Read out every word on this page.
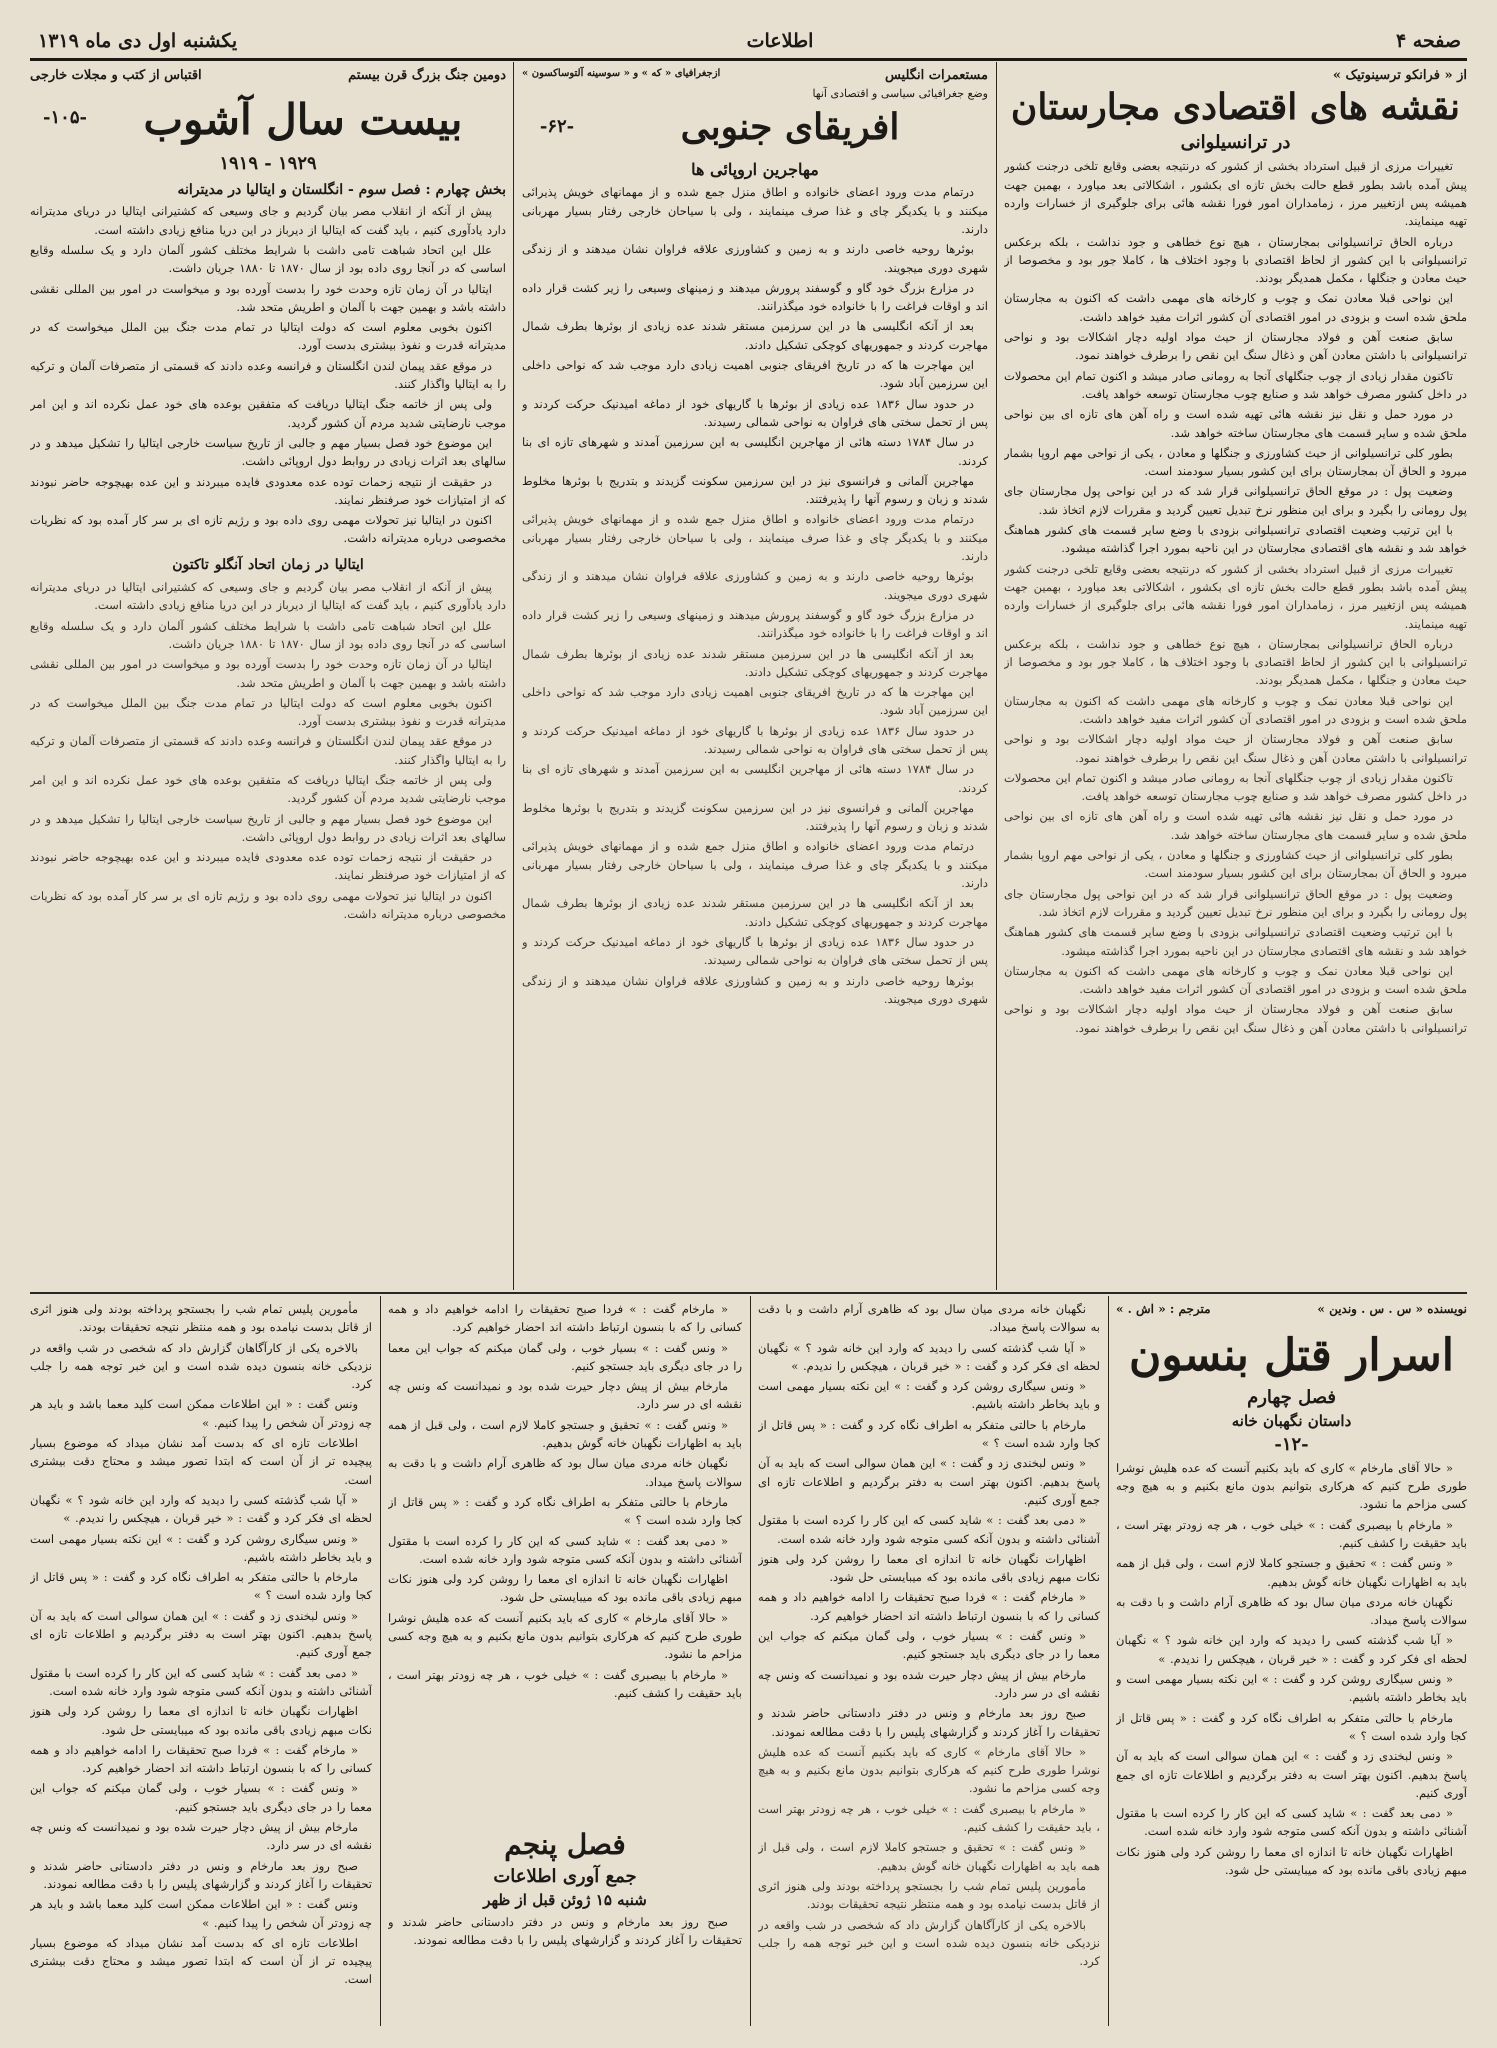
صفحه ۴
اطلاعات
یکشنبه اول دی ماه ۱۳۱۹
از « فرانکو ترسینوتیک »
نقشه های اقتصادی مجارستان
در ترانسیلوانی

تغییرات مرزی از قبیل استرداد بخشی از کشور که درنتیجه بعضی وقایع تلخی درجنت کشور پیش آمده باشد بطور قطع حالت بخش تازه ای بکشور ، اشکالاتی بعد میاورد ، بهمین جهت همیشه پس ازتغییر مرز ، زمامداران امور فورا نقشه هائی برای جلوگیری از خسارات وارده تهیه مینمایند.

درباره الحاق ترانسیلوانی بمجارستان ، هیچ نوع خطاهی و جود نداشت ، بلکه برعکس ترانسیلوانی با این کشور از لحاظ اقتصادی با وجود اختلاف ها ، کاملا جور بود و مخصوصا از حیث معادن و جنگلها ، مکمل همدیگر بودند.

این نواحی قبلا معادن نمک و چوب و کارخانه های مهمی داشت که اکنون به مجارستان ملحق شده است و بزودی در امور اقتصادی آن کشور اثرات مفید خواهد داشت.

سابق صنعت آهن و فولاد مجارستان از حیث مواد اولیه دچار اشکالات بود و نواحی ترانسیلوانی با داشتن معادن آهن و ذغال سنگ این نقص را برطرف خواهند نمود.

تاکنون مقدار زیادی از چوب جنگلهای آنجا به رومانی صادر میشد و اکنون تمام این محصولات در داخل کشور مصرف خواهد شد و صنایع چوب مجارستان توسعه خواهد یافت.

در مورد حمل و نقل نیز نقشه هائی تهیه شده است و راه آهن های تازه ای بین نواحی ملحق شده و سایر قسمت های مجارستان ساخته خواهد شد.

بطور کلی ترانسیلوانی از حیث کشاورزی و جنگلها و معادن ، یکی از نواحی مهم اروپا بشمار میرود و الحاق آن بمجارستان برای این کشور بسیار سودمند است.

وضعیت پول : در موقع الحاق ترانسیلوانی قرار شد که در این نواحی پول مجارستان جای پول رومانی را بگیرد و برای این منظور نرخ تبدیل تعیین گردید و مقررات لازم اتخاذ شد.

با این ترتیب وضعیت اقتصادی ترانسیلوانی بزودی با وضع سایر قسمت های کشور هماهنگ خواهد شد و نقشه های اقتصادی مجارستان در این ناحیه بمورد اجرا گذاشته میشود.

تغییرات مرزی از قبیل استرداد بخشی از کشور که درنتیجه بعضی وقایع تلخی درجنت کشور پیش آمده باشد بطور قطع حالت بخش تازه ای بکشور ، اشکالاتی بعد میاورد ، بهمین جهت همیشه پس ازتغییر مرز ، زمامداران امور فورا نقشه هائی برای جلوگیری از خسارات وارده تهیه مینمایند.

درباره الحاق ترانسیلوانی بمجارستان ، هیچ نوع خطاهی و جود نداشت ، بلکه برعکس ترانسیلوانی با این کشور از لحاظ اقتصادی با وجود اختلاف ها ، کاملا جور بود و مخصوصا از حیث معادن و جنگلها ، مکمل همدیگر بودند.

این نواحی قبلا معادن نمک و چوب و کارخانه های مهمی داشت که اکنون به مجارستان ملحق شده است و بزودی در امور اقتصادی آن کشور اثرات مفید خواهد داشت.

سابق صنعت آهن و فولاد مجارستان از حیث مواد اولیه دچار اشکالات بود و نواحی ترانسیلوانی با داشتن معادن آهن و ذغال سنگ این نقص را برطرف خواهند نمود.

تاکنون مقدار زیادی از چوب جنگلهای آنجا به رومانی صادر میشد و اکنون تمام این محصولات در داخل کشور مصرف خواهد شد و صنایع چوب مجارستان توسعه خواهد یافت.

در مورد حمل و نقل نیز نقشه هائی تهیه شده است و راه آهن های تازه ای بین نواحی ملحق شده و سایر قسمت های مجارستان ساخته خواهد شد.

بطور کلی ترانسیلوانی از حیث کشاورزی و جنگلها و معادن ، یکی از نواحی مهم اروپا بشمار میرود و الحاق آن بمجارستان برای این کشور بسیار سودمند است.

وضعیت پول : در موقع الحاق ترانسیلوانی قرار شد که در این نواحی پول مجارستان جای پول رومانی را بگیرد و برای این منظور نرخ تبدیل تعیین گردید و مقررات لازم اتخاذ شد.

با این ترتیب وضعیت اقتصادی ترانسیلوانی بزودی با وضع سایر قسمت های کشور هماهنگ خواهد شد و نقشه های اقتصادی مجارستان در این ناحیه بمورد اجرا گذاشته میشود.

این نواحی قبلا معادن نمک و چوب و کارخانه های مهمی داشت که اکنون به مجارستان ملحق شده است و بزودی در امور اقتصادی آن کشور اثرات مفید خواهد داشت.

سابق صنعت آهن و فولاد مجارستان از حیث مواد اولیه دچار اشکالات بود و نواحی ترانسیلوانی با داشتن معادن آهن و ذغال سنگ این نقص را برطرف خواهند نمود.

مستعمرات انگلیس
ازجغرافیای « که » و « سوسینه آلتوساکسون »
وضع جغرافیائی سیاسی و اقتصادی آنها
افریقای جنوبی
-۶۲-
مهاجرین اروپائی ها

درتمام مدت ورود اعضای خانواده و اطاق منزل جمع شده و از مهمانهای خویش پذیرائی میکنند و با یکدیگر چای و غذا صرف مینمایند ، ولی با سیاحان خارجی رفتار بسیار مهربانی دارند.

بوئرها روحیه خاصی دارند و به زمین و کشاورزی علاقه فراوان نشان میدهند و از زندگی شهری دوری میجویند.

در مزارع بزرگ خود گاو و گوسفند پرورش میدهند و زمینهای وسیعی را زیر کشت قرار داده اند و اوقات فراغت را با خانواده خود میگذرانند.

بعد از آنکه انگلیسی ها در این سرزمین مستقر شدند عده زیادی از بوئرها بطرف شمال مهاجرت کردند و جمهوریهای کوچکی تشکیل دادند.

این مهاجرت ها که در تاریخ افریقای جنوبی اهمیت زیادی دارد موجب شد که نواحی داخلی این سرزمین آباد شود.

در حدود سال ۱۸۳۶ عده زیادی از بوئرها با گاریهای خود از دماغه امیدنیک حرکت کردند و پس از تحمل سختی های فراوان به نواحی شمالی رسیدند.

در سال ۱۷۸۴ دسته هائی از مهاجرین انگلیسی به این سرزمین آمدند و شهرهای تازه ای بنا کردند.

مهاجرین آلمانی و فرانسوی نیز در این سرزمین سکونت گزیدند و بتدریج با بوئرها مخلوط شدند و زبان و رسوم آنها را پذیرفتند.

درتمام مدت ورود اعضای خانواده و اطاق منزل جمع شده و از مهمانهای خویش پذیرائی میکنند و با یکدیگر چای و غذا صرف مینمایند ، ولی با سیاحان خارجی رفتار بسیار مهربانی دارند.

بوئرها روحیه خاصی دارند و به زمین و کشاورزی علاقه فراوان نشان میدهند و از زندگی شهری دوری میجویند.

در مزارع بزرگ خود گاو و گوسفند پرورش میدهند و زمینهای وسیعی را زیر کشت قرار داده اند و اوقات فراغت را با خانواده خود میگذرانند.

بعد از آنکه انگلیسی ها در این سرزمین مستقر شدند عده زیادی از بوئرها بطرف شمال مهاجرت کردند و جمهوریهای کوچکی تشکیل دادند.

این مهاجرت ها که در تاریخ افریقای جنوبی اهمیت زیادی دارد موجب شد که نواحی داخلی این سرزمین آباد شود.

در حدود سال ۱۸۳۶ عده زیادی از بوئرها با گاریهای خود از دماغه امیدنیک حرکت کردند و پس از تحمل سختی های فراوان به نواحی شمالی رسیدند.

در سال ۱۷۸۴ دسته هائی از مهاجرین انگلیسی به این سرزمین آمدند و شهرهای تازه ای بنا کردند.

مهاجرین آلمانی و فرانسوی نیز در این سرزمین سکونت گزیدند و بتدریج با بوئرها مخلوط شدند و زبان و رسوم آنها را پذیرفتند.

درتمام مدت ورود اعضای خانواده و اطاق منزل جمع شده و از مهمانهای خویش پذیرائی میکنند و با یکدیگر چای و غذا صرف مینمایند ، ولی با سیاحان خارجی رفتار بسیار مهربانی دارند.

بعد از آنکه انگلیسی ها در این سرزمین مستقر شدند عده زیادی از بوئرها بطرف شمال مهاجرت کردند و جمهوریهای کوچکی تشکیل دادند.

در حدود سال ۱۸۳۶ عده زیادی از بوئرها با گاریهای خود از دماغه امیدنیک حرکت کردند و پس از تحمل سختی های فراوان به نواحی شمالی رسیدند.

بوئرها روحیه خاصی دارند و به زمین و کشاورزی علاقه فراوان نشان میدهند و از زندگی شهری دوری میجویند.

دومین جنگ بزرگ قرن بیستم
اقتباس از کتب و مجلات خارجی
بیست سال آشوب
-۱۰۵-
۱۹۱۹ - ۱۹۲۹
بخش چهارم : فصل سوم - انگلستان و ایتالیا در مدیترانه

پیش از آنکه از انقلاب مصر بیان گردیم و جای وسیعی که کشتیرانی ایتالیا در دریای مدیترانه دارد یادآوری کنیم ، باید گفت که ایتالیا از دیرباز در این دریا منافع زیادی داشته است.

علل این اتحاد شباهت تامی داشت با شرایط مختلف کشور آلمان دارد و یک سلسله وقایع اساسی که در آنجا روی داده بود از سال ۱۸۷۰ تا ۱۸۸۰ جریان داشت.

ایتالیا در آن زمان تازه وحدت خود را بدست آورده بود و میخواست در امور بین المللی نقشی داشته باشد و بهمین جهت با آلمان و اطریش متحد شد.

اکنون بخوبی معلوم است که دولت ایتالیا در تمام مدت جنگ بین الملل میخواست که در مدیترانه قدرت و نفوذ بیشتری بدست آورد.

در موقع عقد پیمان لندن انگلستان و فرانسه وعده دادند که قسمتی از متصرفات آلمان و ترکیه را به ایتالیا واگذار کنند.

ولی پس از خاتمه جنگ ایتالیا دریافت که متفقین بوعده های خود عمل نکرده اند و این امر موجب نارضایتی شدید مردم آن کشور گردید.

این موضوع خود فصل بسیار مهم و جالبی از تاریخ سیاست خارجی ایتالیا را تشکیل میدهد و در سالهای بعد اثرات زیادی در روابط دول اروپائی داشت.

در حقیقت از نتیجه زحمات توده عده معدودی فایده میبردند و این عده بهیچوجه حاضر نبودند که از امتیازات خود صرفنظر نمایند.

اکنون در ایتالیا نیز تحولات مهمی روی داده بود و رژیم تازه ای بر سر کار آمده بود که نظریات مخصوصی درباره مدیترانه داشت.

ایتالیا در زمان اتحاد آنگلو تاکتون

پیش از آنکه از انقلاب مصر بیان گردیم و جای وسیعی که کشتیرانی ایتالیا در دریای مدیترانه دارد یادآوری کنیم ، باید گفت که ایتالیا از دیرباز در این دریا منافع زیادی داشته است.

علل این اتحاد شباهت تامی داشت با شرایط مختلف کشور آلمان دارد و یک سلسله وقایع اساسی که در آنجا روی داده بود از سال ۱۸۷۰ تا ۱۸۸۰ جریان داشت.

ایتالیا در آن زمان تازه وحدت خود را بدست آورده بود و میخواست در امور بین المللی نقشی داشته باشد و بهمین جهت با آلمان و اطریش متحد شد.

اکنون بخوبی معلوم است که دولت ایتالیا در تمام مدت جنگ بین الملل میخواست که در مدیترانه قدرت و نفوذ بیشتری بدست آورد.

در موقع عقد پیمان لندن انگلستان و فرانسه وعده دادند که قسمتی از متصرفات آلمان و ترکیه را به ایتالیا واگذار کنند.

ولی پس از خاتمه جنگ ایتالیا دریافت که متفقین بوعده های خود عمل نکرده اند و این امر موجب نارضایتی شدید مردم آن کشور گردید.

این موضوع خود فصل بسیار مهم و جالبی از تاریخ سیاست خارجی ایتالیا را تشکیل میدهد و در سالهای بعد اثرات زیادی در روابط دول اروپائی داشت.

در حقیقت از نتیجه زحمات توده عده معدودی فایده میبردند و این عده بهیچوجه حاضر نبودند که از امتیازات خود صرفنظر نمایند.

اکنون در ایتالیا نیز تحولات مهمی روی داده بود و رژیم تازه ای بر سر کار آمده بود که نظریات مخصوصی درباره مدیترانه داشت.

نویسنده « س . س . وندین »
مترجم : « اش . »
اسرار قتل بنسون
فصل چهارم
داستان نگهبان خانه
-۱۲-

« حالا آقای مارخام » کاری که باید بکنیم آنست که عده هلیش نوشرا طوری طرح کنیم که هرکاری بتوانیم بدون مانع بکنیم و به هیچ وجه کسی مزاحم ما نشود.

« مارخام با بیصبری گفت : » خیلی خوب ، هر چه زودتر بهتر است ، باید حقیقت را کشف کنیم.

« ونس گفت : » تحقیق و جستجو کاملا لازم است ، ولی قبل از همه باید به اظهارات نگهبان خانه گوش بدهیم.

نگهبان خانه مردی میان سال بود که ظاهری آرام داشت و با دقت به سوالات پاسخ میداد.

« آیا شب گذشته کسی را دیدید که وارد این خانه شود ؟ » نگهبان لحظه ای فکر کرد و گفت : « خیر قربان ، هیچکس را ندیدم. »

« ونس سیگاری روشن کرد و گفت : » این نکته بسیار مهمی است و باید بخاطر داشته باشیم.

مارخام با حالتی متفکر به اطراف نگاه کرد و گفت : « پس قاتل از کجا وارد شده است ؟ »

« ونس لبخندی زد و گفت : » این همان سوالی است که باید به آن پاسخ بدهیم. اکنون بهتر است به دفتر برگردیم و اطلاعات تازه ای جمع آوری کنیم.

« دمی بعد گفت : » شاید کسی که این کار را کرده است با مقتول آشنائی داشته و بدون آنکه کسی متوجه شود وارد خانه شده است.

اظهارات نگهبان خانه تا اندازه ای معما را روشن کرد ولی هنوز نکات مبهم زیادی باقی مانده بود که میبایستی حل شود.

نگهبان خانه مردی میان سال بود که ظاهری آرام داشت و با دقت به سوالات پاسخ میداد.

« آیا شب گذشته کسی را دیدید که وارد این خانه شود ؟ » نگهبان لحظه ای فکر کرد و گفت : « خیر قربان ، هیچکس را ندیدم. »

« ونس سیگاری روشن کرد و گفت : » این نکته بسیار مهمی است و باید بخاطر داشته باشیم.

مارخام با حالتی متفکر به اطراف نگاه کرد و گفت : « پس قاتل از کجا وارد شده است ؟ »

« ونس لبخندی زد و گفت : » این همان سوالی است که باید به آن پاسخ بدهیم. اکنون بهتر است به دفتر برگردیم و اطلاعات تازه ای جمع آوری کنیم.

« دمی بعد گفت : » شاید کسی که این کار را کرده است با مقتول آشنائی داشته و بدون آنکه کسی متوجه شود وارد خانه شده است.

اظهارات نگهبان خانه تا اندازه ای معما را روشن کرد ولی هنوز نکات مبهم زیادی باقی مانده بود که میبایستی حل شود.

« مارخام گفت : » فردا صبح تحقیقات را ادامه خواهیم داد و همه کسانی را که با بنسون ارتباط داشته اند احضار خواهیم کرد.

« ونس گفت : » بسیار خوب ، ولی گمان میکنم که جواب این معما را در جای دیگری باید جستجو کنیم.

مارخام بیش از پیش دچار حیرت شده بود و نمیدانست که ونس چه نقشه ای در سر دارد.

صبح روز بعد مارخام و ونس در دفتر دادستانی حاضر شدند و تحقیقات را آغاز کردند و گزارشهای پلیس را با دقت مطالعه نمودند.

« حالا آقای مارخام » کاری که باید بکنیم آنست که عده هلیش نوشرا طوری طرح کنیم که هرکاری بتوانیم بدون مانع بکنیم و به هیچ وجه کسی مزاحم ما نشود.

« مارخام با بیصبری گفت : » خیلی خوب ، هر چه زودتر بهتر است ، باید حقیقت را کشف کنیم.

« ونس گفت : » تحقیق و جستجو کاملا لازم است ، ولی قبل از همه باید به اظهارات نگهبان خانه گوش بدهیم.

مأمورین پلیس تمام شب را بجستجو پرداخته بودند ولی هنوز اثری از قاتل بدست نیامده بود و همه منتظر نتیجه تحقیقات بودند.

بالاخره یکی از کارآگاهان گزارش داد که شخصی در شب واقعه در نزدیکی خانه بنسون دیده شده است و این خبر توجه همه را جلب کرد.

« مارخام گفت : » فردا صبح تحقیقات را ادامه خواهیم داد و همه کسانی را که با بنسون ارتباط داشته اند احضار خواهیم کرد.

« ونس گفت : » بسیار خوب ، ولی گمان میکنم که جواب این معما را در جای دیگری باید جستجو کنیم.

مارخام بیش از پیش دچار حیرت شده بود و نمیدانست که ونس چه نقشه ای در سر دارد.

« ونس گفت : » تحقیق و جستجو کاملا لازم است ، ولی قبل از همه باید به اظهارات نگهبان خانه گوش بدهیم.

نگهبان خانه مردی میان سال بود که ظاهری آرام داشت و با دقت به سوالات پاسخ میداد.

مارخام با حالتی متفکر به اطراف نگاه کرد و گفت : « پس قاتل از کجا وارد شده است ؟ »

« دمی بعد گفت : » شاید کسی که این کار را کرده است با مقتول آشنائی داشته و بدون آنکه کسی متوجه شود وارد خانه شده است.

اظهارات نگهبان خانه تا اندازه ای معما را روشن کرد ولی هنوز نکات مبهم زیادی باقی مانده بود که میبایستی حل شود.

« حالا آقای مارخام » کاری که باید بکنیم آنست که عده هلیش نوشرا طوری طرح کنیم که هرکاری بتوانیم بدون مانع بکنیم و به هیچ وجه کسی مزاحم ما نشود.

« مارخام با بیصبری گفت : » خیلی خوب ، هر چه زودتر بهتر است ، باید حقیقت را کشف کنیم.

فصل پنجم
جمع آوری اطلاعات
شنبه ۱۵ ژوئن قبل از ظهر

صبح روز بعد مارخام و ونس در دفتر دادستانی حاضر شدند و تحقیقات را آغاز کردند و گزارشهای پلیس را با دقت مطالعه نمودند.

مأمورین پلیس تمام شب را بجستجو پرداخته بودند ولی هنوز اثری از قاتل بدست نیامده بود و همه منتظر نتیجه تحقیقات بودند.

بالاخره یکی از کارآگاهان گزارش داد که شخصی در شب واقعه در نزدیکی خانه بنسون دیده شده است و این خبر توجه همه را جلب کرد.

ونس گفت : « این اطلاعات ممکن است کلید معما باشد و باید هر چه زودتر آن شخص را پیدا کنیم. »

اطلاعات تازه ای که بدست آمد نشان میداد که موضوع بسیار پیچیده تر از آن است که ابتدا تصور میشد و محتاج دقت بیشتری است.

« آیا شب گذشته کسی را دیدید که وارد این خانه شود ؟ » نگهبان لحظه ای فکر کرد و گفت : « خیر قربان ، هیچکس را ندیدم. »

« ونس سیگاری روشن کرد و گفت : » این نکته بسیار مهمی است و باید بخاطر داشته باشیم.

مارخام با حالتی متفکر به اطراف نگاه کرد و گفت : « پس قاتل از کجا وارد شده است ؟ »

« ونس لبخندی زد و گفت : » این همان سوالی است که باید به آن پاسخ بدهیم. اکنون بهتر است به دفتر برگردیم و اطلاعات تازه ای جمع آوری کنیم.

« دمی بعد گفت : » شاید کسی که این کار را کرده است با مقتول آشنائی داشته و بدون آنکه کسی متوجه شود وارد خانه شده است.

اظهارات نگهبان خانه تا اندازه ای معما را روشن کرد ولی هنوز نکات مبهم زیادی باقی مانده بود که میبایستی حل شود.

« مارخام گفت : » فردا صبح تحقیقات را ادامه خواهیم داد و همه کسانی را که با بنسون ارتباط داشته اند احضار خواهیم کرد.

« ونس گفت : » بسیار خوب ، ولی گمان میکنم که جواب این معما را در جای دیگری باید جستجو کنیم.

مارخام بیش از پیش دچار حیرت شده بود و نمیدانست که ونس چه نقشه ای در سر دارد.

صبح روز بعد مارخام و ونس در دفتر دادستانی حاضر شدند و تحقیقات را آغاز کردند و گزارشهای پلیس را با دقت مطالعه نمودند.

ونس گفت : « این اطلاعات ممکن است کلید معما باشد و باید هر چه زودتر آن شخص را پیدا کنیم. »

اطلاعات تازه ای که بدست آمد نشان میداد که موضوع بسیار پیچیده تر از آن است که ابتدا تصور میشد و محتاج دقت بیشتری است.
